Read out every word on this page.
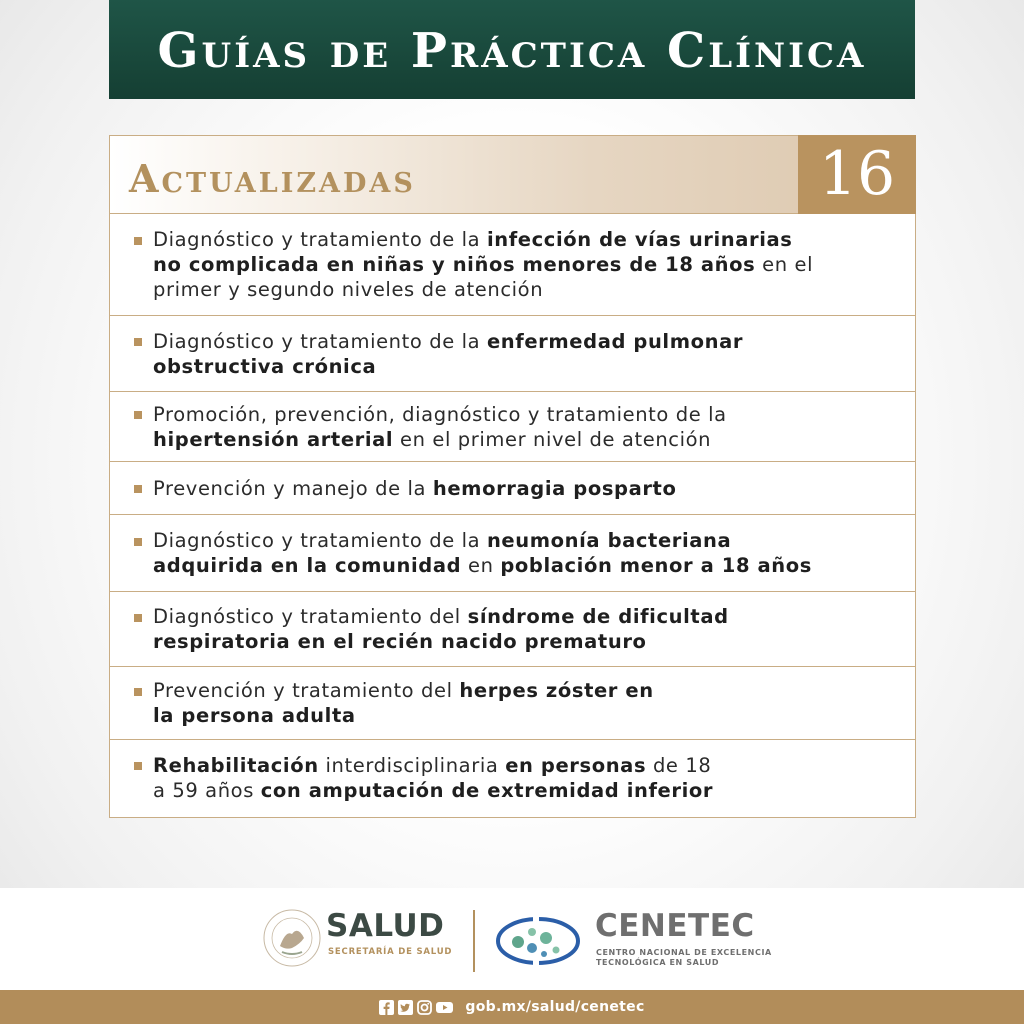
Guías de Práctica Clínica
Actualizadas	16
Diagnóstico y tratamiento de la infección de vías urinarias
no complicada en niñas y niños menores de 18 años en el
primer y segundo niveles de atención
Diagnóstico y tratamiento de la enfermedad pulmonar
obstructiva crónica
Promoción, prevención, diagnóstico y tratamiento de la
hipertensión arterial en el primer nivel de atención
Prevención y manejo de la hemorragia posparto
Diagnóstico y tratamiento de la neumonía bacteriana
adquirida en la comunidad en población menor a 18 años
Diagnóstico y tratamiento del síndrome de dificultad
respiratoria en el recién nacido prematuro
Prevención y tratamiento del herpes zóster en
la persona adulta
Rehabilitación interdisciplinaria en personas de 18
a 59 años con amputación de extremidad inferior
SALUD
SECRETARÍA DE SALUD
CENETEC
CENTRO NACIONAL DE EXCELENCIA
TECNOLÓGICA EN SALUD
gob.mx/salud/cenetec
